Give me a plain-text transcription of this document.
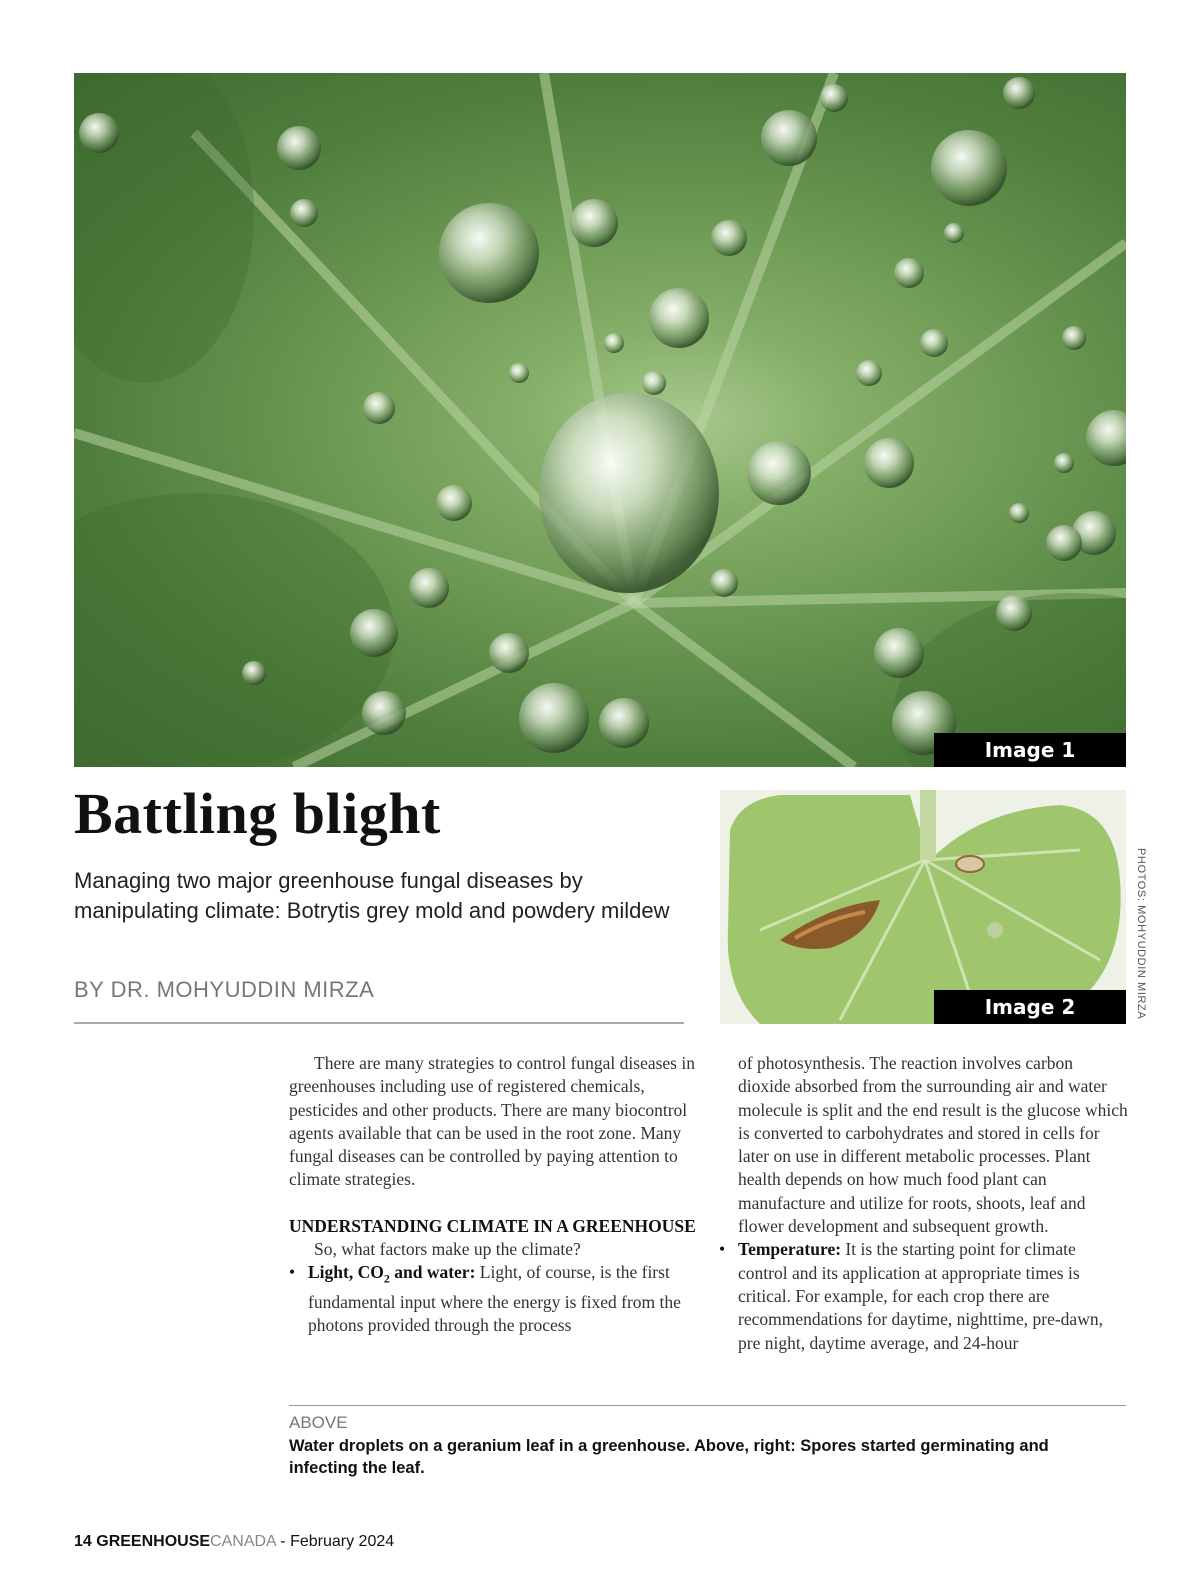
Image 1
Battling blight
Managing two major greenhouse fungal diseases by manipulating climate: Botrytis grey mold and powdery mildew
BY DR. MOHYUDDIN MIRZA
Image 2	PHOTOS: MOHYUDDIN MIRZA

There are many strategies to control fungal diseases in greenhouses including use of registered chemicals, pesticides and other products. There are many biocontrol agents available that can be used in the root zone. Many fungal diseases can be controlled by paying attention to climate strategies.

UNDERSTANDING CLIMATE IN A GREENHOUSE

So, what factors make up the climate?

• Light, $CO_2$ and water: Light, of course, is the first fundamental input where the energy is fixed from the photons provided through the process

of photosynthesis. The reaction involves carbon dioxide absorbed from the surrounding air and water molecule is split and the end result is the glucose which is converted to carbohydrates and stored in cells for later on use in different metabolic processes. Plant health depends on how much food plant can manufacture and utilize for roots, shoots, leaf and flower development and subsequent growth.

• Temperature: It is the starting point for climate control and its application at appropriate times is critical. For example, for each crop there are recommendations for daytime, nighttime, pre-dawn, pre night, daytime average, and 24-hour

ABOVE
Water droplets on a geranium leaf in a greenhouse. Above, right: Spores started germinating and infecting the leaf.
14 GREENHOUSECANADA - February 2024
